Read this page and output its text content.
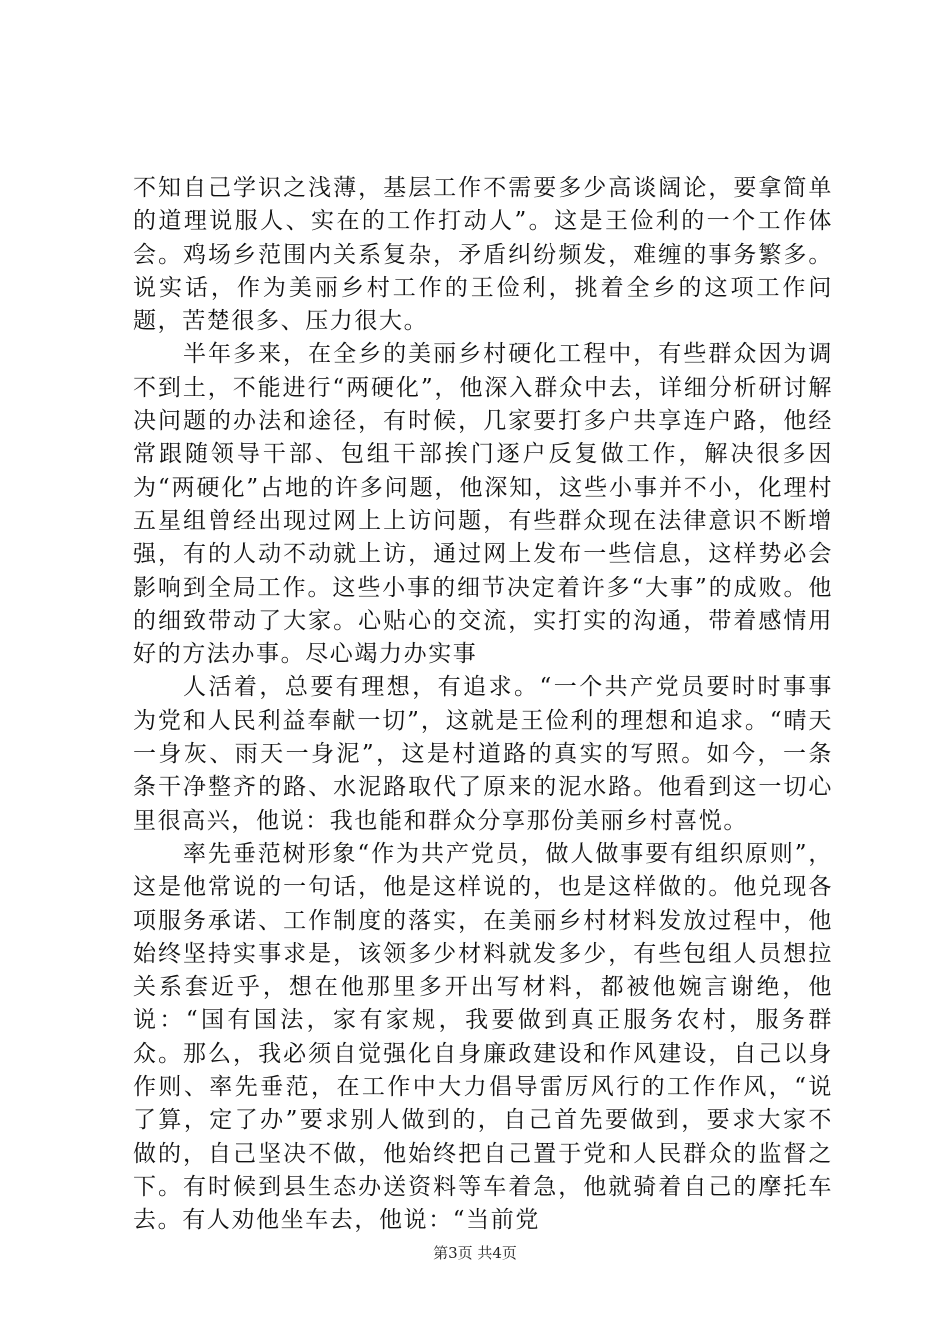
不知自己学识之浅薄，基层工作不需要多少高谈阔论，要拿简单的道理说服人、实在的工作打动人”。这是王俭利的一个工作体会。鸡场乡范围内关系复杂，矛盾纠纷频发，难缠的事务繁多。说实话，作为美丽乡村工作的王俭利，挑着全乡的这项工作问题，苦楚很多、压力很大。

半年多来，在全乡的美丽乡村硬化工程中，有些群众因为调不到土，不能进行“两硬化”，他深入群众中去，详细分析研讨解决问题的办法和途径，有时候，几家要打多户共享连户路，他经常跟随领导干部、包组干部挨门逐户反复做工作，解决很多因为“两硬化”占地的许多问题，他深知，这些小事并不小，化理村五星组曾经出现过网上上访问题，有些群众现在法律意识不断增强，有的人动不动就上访，通过网上发布一些信息，这样势必会影响到全局工作。这些小事的细节决定着许多“大事”的成败。他的细致带动了大家。心贴心的交流，实打实的沟通，带着感情用好的方法办事。尽心竭力办实事

人活着，总要有理想，有追求。“一个共产党员要时时事事为党和人民利益奉献一切”，这就是王俭利的理想和追求。“晴天一身灰、雨天一身泥”，这是村道路的真实的写照。如今，一条条干净整齐的路、水泥路取代了原来的泥水路。他看到这一切心里很高兴，他说：我也能和群众分享那份美丽乡村喜悦。

率先垂范树形象“作为共产党员，做人做事要有组织原则”，这是他常说的一句话，他是这样说的，也是这样做的。他兑现各项服务承诺、工作制度的落实，在美丽乡村材料发放过程中，他始终坚持实事求是，该领多少材料就发多少，有些包组人员想拉关系套近乎，想在他那里多开出写材料，都被他婉言谢绝，他说：“国有国法，家有家规，我要做到真正服务农村，服务群众。那么，我必须自觉强化自身廉政建设和作风建设，自己以身作则、率先垂范，在工作中大力倡导雷厉风行的工作作风，“说了算，定了办”要求别人做到的，自己首先要做到，要求大家不做的，自己坚决不做，他始终把自己置于党和人民群众的监督之下。有时候到县生态办送资料等车着急，他就骑着自己的摩托车去。有人劝他坐车去，他说：“当前党

第3页 共4页
